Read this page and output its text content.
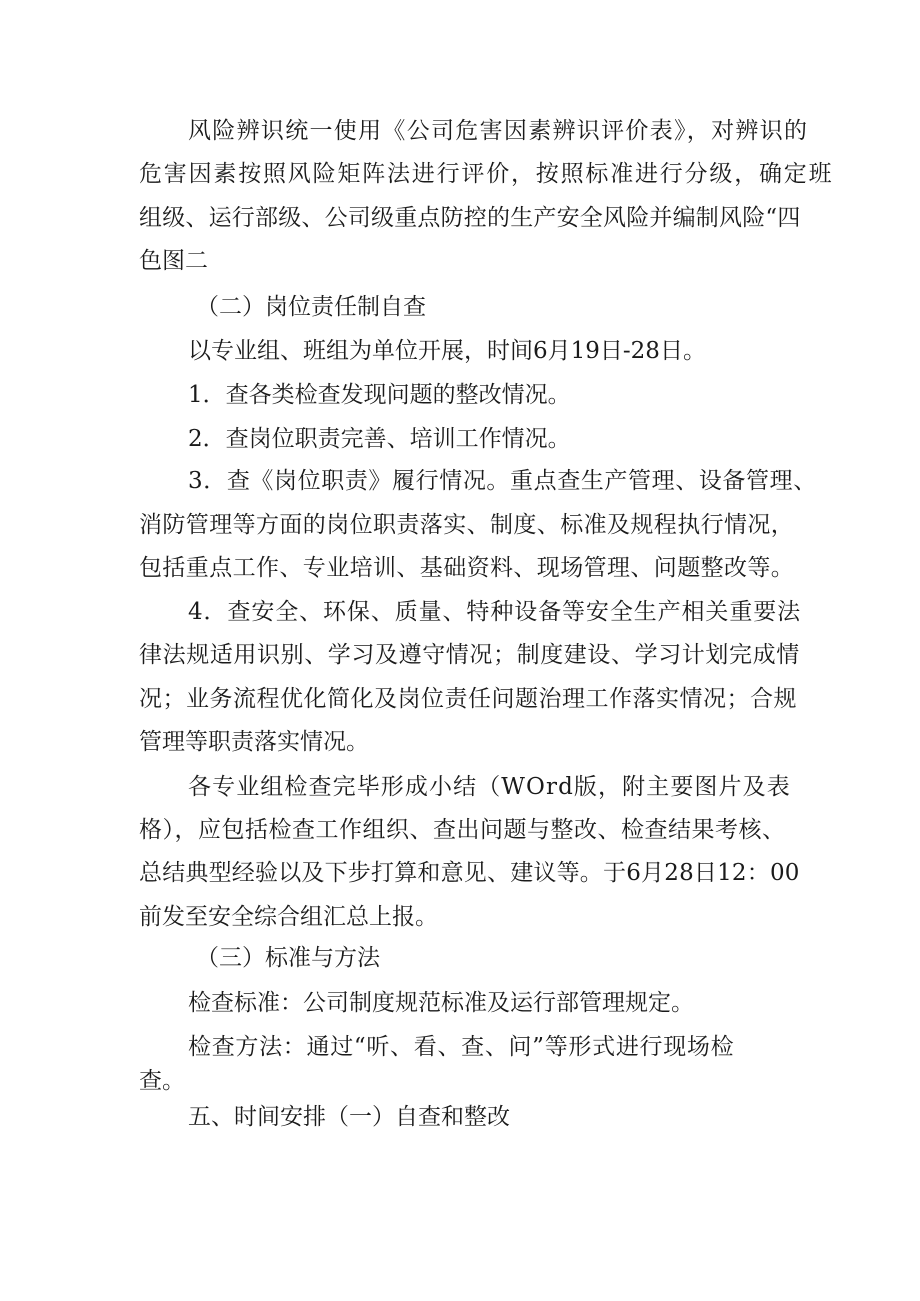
风险辨识统一使用《公司危害因素辨识评价表》，对辨识的
危害因素按照风险矩阵法进行评价，按照标准进行分级，确定班
组级、运行部级、公司级重点防控的生产安全风险并编制风险“四
色图二
（二）岗位责任制自查
以专业组、班组为单位开展，时间6月19日-28日。
1．查各类检查发现问题的整改情况。
2．查岗位职责完善、培训工作情况。
3．查《岗位职责》履行情况。重点查生产管理、设备管理、
消防管理等方面的岗位职责落实、制度、标准及规程执行情况，
包括重点工作、专业培训、基础资料、现场管理、问题整改等。
4．查安全、环保、质量、特种设备等安全生产相关重要法
律法规适用识别、学习及遵守情况；制度建设、学习计划完成情
况；业务流程优化简化及岗位责任问题治理工作落实情况；合规
管理等职责落实情况。
各专业组检查完毕形成小结（WOrd版，附主要图片及表
格），应包括检查工作组织、查出问题与整改、检查结果考核、
总结典型经验以及下步打算和意见、建议等。于6月28日12：00
前发至安全综合组汇总上报。
（三）标准与方法
检查标准：公司制度规范标准及运行部管理规定。
检查方法：通过“听、看、查、问”等形式进行现场检
查。
五、时间安排（一）自查和整改
